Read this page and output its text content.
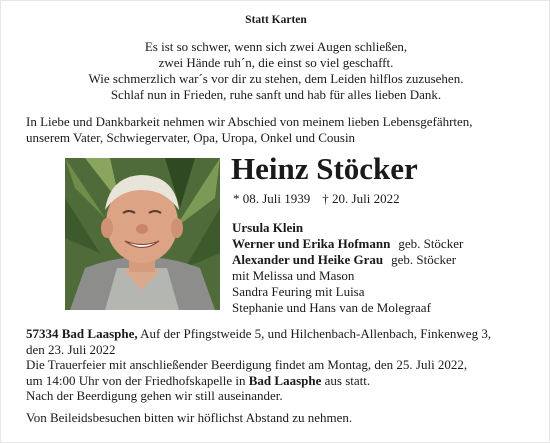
Statt Karten
Es ist so schwer, wenn sich zwei Augen schließen,
zwei Hände ruh´n, die einst so viel geschafft.
Wie schmerzlich war´s vor dir zu stehen, dem Leiden hilflos zuzusehen.
Schlaf nun in Frieden, ruhe sanft und hab für alles lieben Dank.
In Liebe und Dankbarkeit nehmen wir Abschied von meinem lieben Lebensgefährten,
unserem Vater, Schwiegervater, Opa, Uropa, Onkel und Cousin
Heinz Stöcker
* 08. Juli 1939 † 20. Juli 2022
Ursula Klein
Werner und Erika Hofmann geb. Stöcker
Alexander und Heike Grau geb. Stöcker
mit Melissa und Mason
Sandra Feuring mit Luisa
Stephanie und Hans van de Molegraaf
57334 Bad Laasphe, Auf der Pfingstweide 5, und Hilchenbach-Allenbach, Finkenweg 3,
den 23. Juli 2022
Die Trauerfeier mit anschließender Beerdigung findet am Montag, den 25. Juli 2022,
um 14:00 Uhr von der Friedhofskapelle in Bad Laasphe aus statt.
Nach der Beerdigung gehen wir still auseinander.
Von Beileidsbesuchen bitten wir höflichst Abstand zu nehmen.
